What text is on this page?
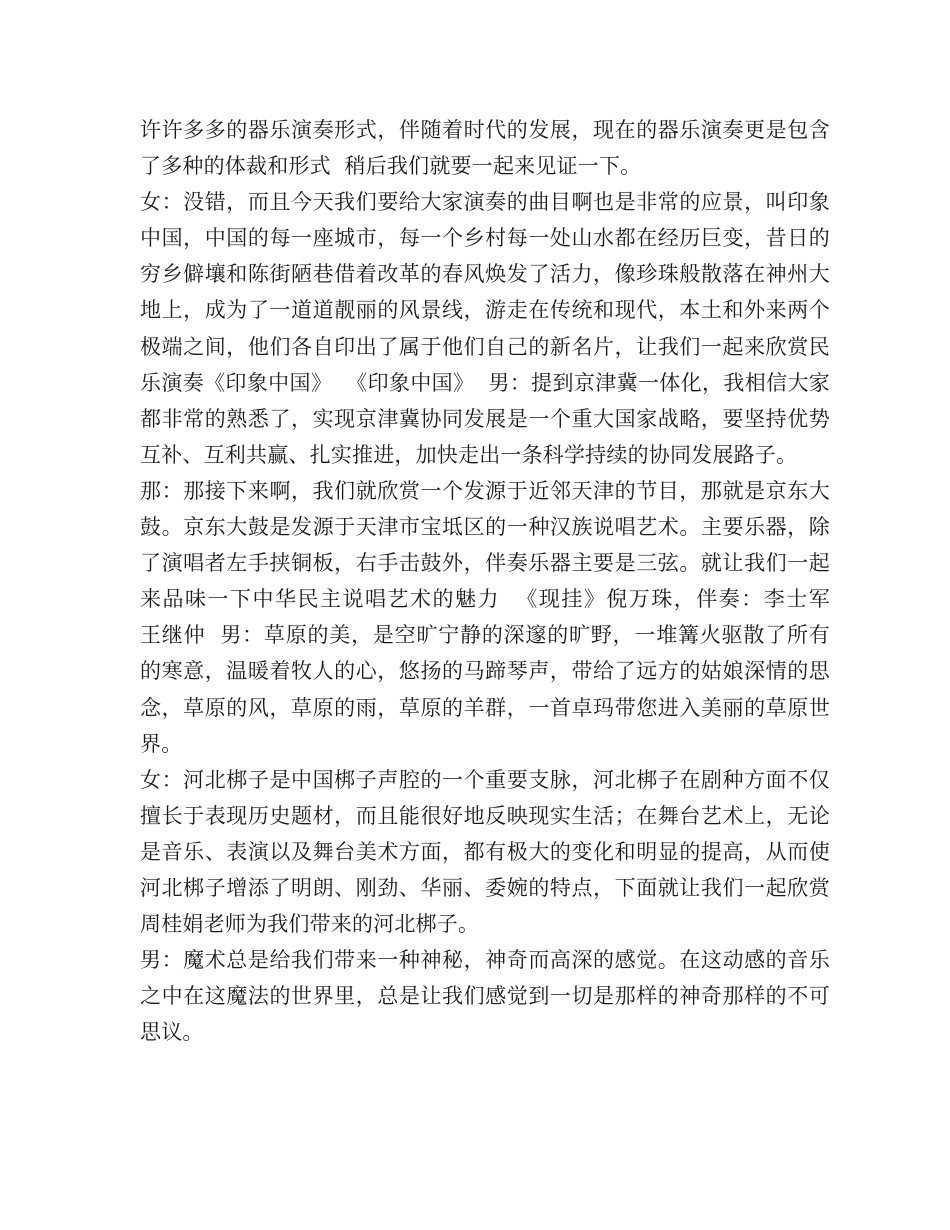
许许多多的器乐演奏形式，伴随着时代的发展，现在的器乐演奏更是包含了多种的体裁和形式  稍后我们就要一起来见证一下。

女：没错，而且今天我们要给大家演奏的曲目啊也是非常的应景，叫印象中国，中国的每一座城市，每一个乡村每一处山水都在经历巨变，昔日的穷乡僻壤和陈街陋巷借着改革的春风焕发了活力，像珍珠般散落在神州大地上，成为了一道道靓丽的风景线，游走在传统和现代，本土和外来两个极端之间，他们各自印出了属于他们自己的新名片，让我们一起来欣赏民乐演奏《印象中国》  《印象中国》  男：提到京津冀一体化，我相信大家都非常的熟悉了，实现京津冀协同发展是一个重大国家战略，要坚持优势互补、互利共赢、扎实推进，加快走出一条科学持续的协同发展路子。

那：那接下来啊，我们就欣赏一个发源于近邻天津的节目，那就是京东大鼓。京东大鼓是发源于天津市宝坻区的一种汉族说唱艺术。主要乐器，除了演唱者左手挟铜板，右手击鼓外，伴奏乐器主要是三弦。就让我们一起来品味一下中华民主说唱艺术的魅力  《现挂》倪万珠，伴奏：李士军    王继仲  男：草原的美，是空旷宁静的深邃的旷野，一堆篝火驱散了所有的寒意，温暖着牧人的心，悠扬的马蹄琴声，带给了远方的姑娘深情的思念，草原的风，草原的雨，草原的羊群，一首卓玛带您进入美丽的草原世界。

女：河北梆子是中国梆子声腔的一个重要支脉，河北梆子在剧种方面不仅擅长于表现历史题材，而且能很好地反映现实生活；在舞台艺术上，无论是音乐、表演以及舞台美术方面，都有极大的变化和明显的提高，从而使河北梆子增添了明朗、刚劲、华丽、委婉的特点，下面就让我们一起欣赏周桂娟老师为我们带来的河北梆子。

男：魔术总是给我们带来一种神秘，神奇而高深的感觉。在这动感的音乐之中在这魔法的世界里，总是让我们感觉到一切是那样的神奇那样的不可思议。
